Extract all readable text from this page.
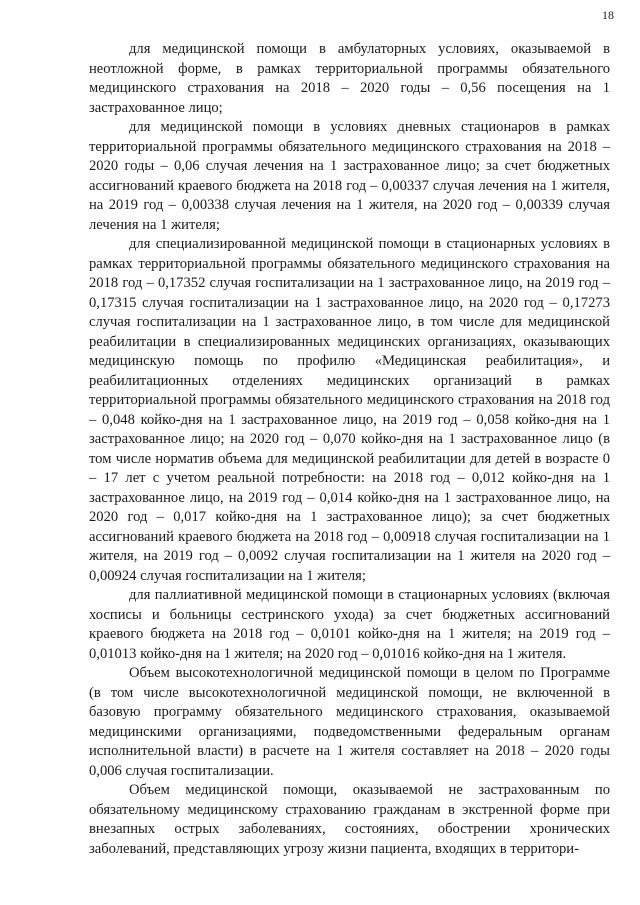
18

для медицинской помощи в амбулаторных условиях, оказываемой в неотложной форме, в рамках территориальной программы обязательного медицинского страхования на 2018 – 2020 годы – 0,56 посещения на 1 застрахованное лицо;

для медицинской помощи в условиях дневных стационаров в рамках территориальной программы обязательного медицинского страхования на 2018 – 2020 годы – 0,06 случая лечения на 1 застрахованное лицо; за счет бюджетных ассигнований краевого бюджета на 2018 год – 0,00337 случая лечения на 1 жителя, на 2019 год – 0,00338 случая лечения на 1 жителя, на 2020 год – 0,00339 случая лечения на 1 жителя;

для специализированной медицинской помощи в стационарных условиях в рамках территориальной программы обязательного медицинского страхования на 2018 год – 0,17352 случая госпитализации на 1 застрахованное лицо, на 2019 год – 0,17315 случая госпитализации на 1 застрахованное лицо, на 2020 год – 0,17273 случая госпитализации на 1 застрахованное лицо, в том числе для медицинской реабилитации в специализированных медицинских организациях, оказывающих медицинскую помощь по профилю «Медицинская реабилитация», и реабилитационных отделениях медицинских организаций в рамках территориальной программы обязательного медицинского страхования на 2018 год – 0,048 койко-дня на 1 застрахованное лицо, на 2019 год – 0,058 койко-дня на 1 застрахованное лицо; на 2020 год – 0,070 койко-дня на 1 застрахованное лицо (в том числе норматив объема для медицинской реабилитации для детей в возрасте 0 – 17 лет с учетом реальной потребности: на 2018 год – 0,012 койко-дня на 1 застрахованное лицо, на 2019 год – 0,014 койко-дня на 1 застрахованное лицо, на 2020 год – 0,017 койко-дня на 1 застрахованное лицо); за счет бюджетных ассигнований краевого бюджета на 2018 год – 0,00918 случая госпитализации на 1 жителя, на 2019 год – 0,0092 случая госпитализации на 1 жителя на 2020 год – 0,00924 случая госпитализации на 1 жителя;

для паллиативной медицинской помощи в стационарных условиях (включая хосписы и больницы сестринского ухода) за счет бюджетных ассигнований краевого бюджета на 2018 год – 0,0101 койко-дня на 1 жителя; на 2019 год – 0,01013 койко-дня на 1 жителя; на 2020 год – 0,01016 койко-дня на 1 жителя.

Объем высокотехнологичной медицинской помощи в целом по Программе (в том числе высокотехнологичной медицинской помощи, не включенной в базовую программу обязательного медицинского страхования, оказываемой медицинскими организациями, подведомственными федеральным органам исполнительной власти) в расчете на 1 жителя составляет на 2018 – 2020 годы 0,006 случая госпитализации.

Объем медицинской помощи, оказываемой не застрахованным по обязательному медицинскому страхованию гражданам в экстренной форме при внезапных острых заболеваниях, состояниях, обострении хронических заболеваний, представляющих угрозу жизни пациента, входящих в территори-
